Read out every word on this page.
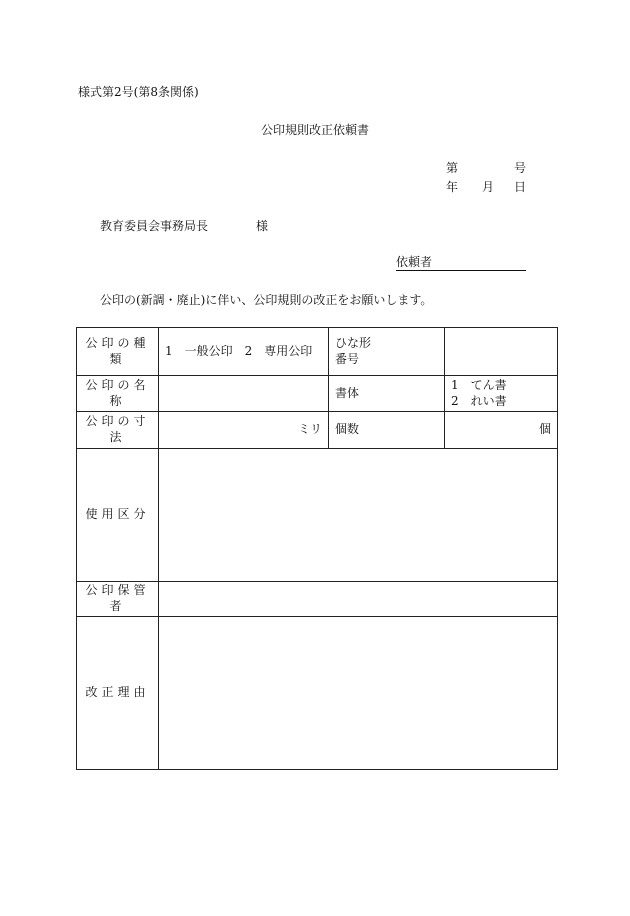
様式第2号(第8条関係)
公印規則改正依頼書
第	号
年 月 日
教育委員会事務局長	様
依頼者
公印の(新調・廃止)に伴い、公印規則の改正をお願いします。
公印の種類	1　一般公印　2　専用公印	ひな形
番号	

公印の名称		書体	1　てん書
2　れい書

公印の寸法	ミリ	個数	個
使用区分			
公印保管者			
改正理由			
